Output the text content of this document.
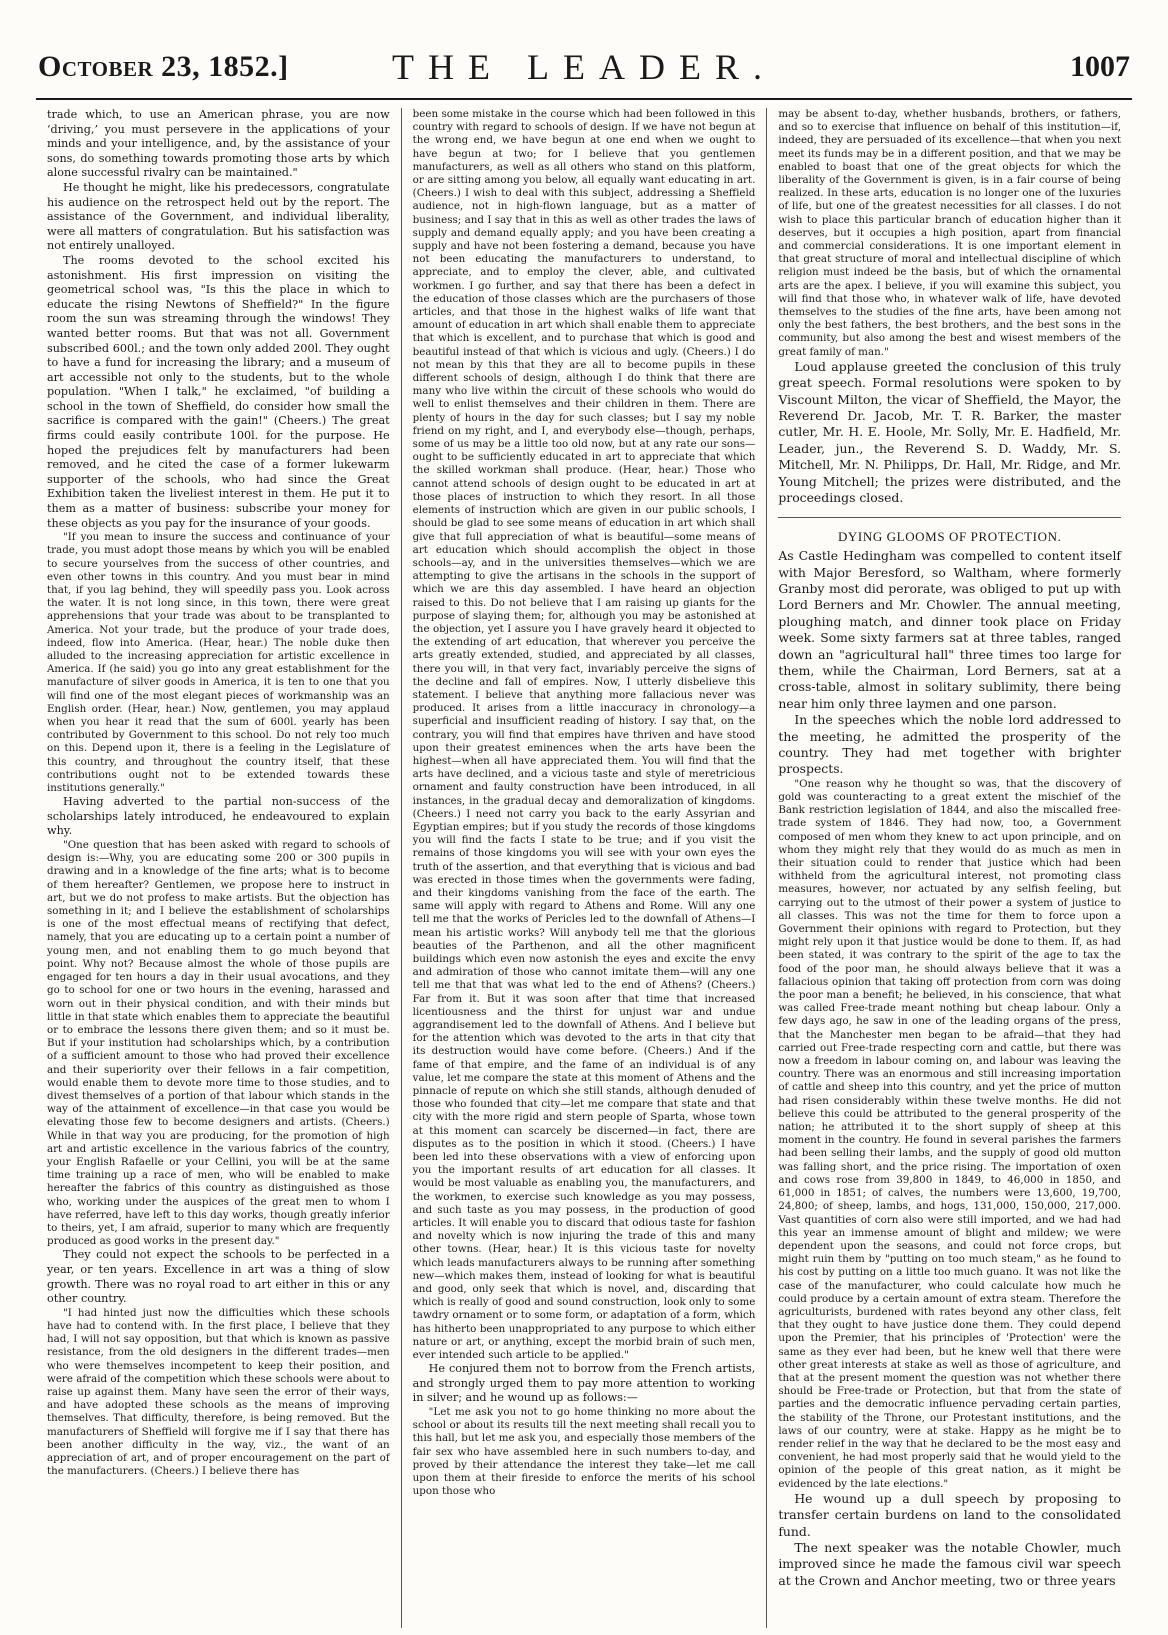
October 23, 1852.]	THE LEADER.	1007

trade which, to use an American phrase, you are now ‘driving,’ you must persevere in the applications of your minds and your intelligence, and, by the assistance of your sons, do something towards promoting those arts by which alone successful rivalry can be maintained."

He thought he might, like his predecessors, congratulate his audience on the retrospect held out by the report. The assistance of the Government, and individual liberality, were all matters of congratulation. But his satisfaction was not entirely unalloyed.

The rooms devoted to the school excited his astonishment. His first impression on visiting the geometrical school was, "Is this the place in which to educate the rising Newtons of Sheffield?" In the figure room the sun was streaming through the windows! They wanted better rooms. But that was not all. Government subscribed 600l.; and the town only added 200l. They ought to have a fund for increasing the library; and a museum of art accessible not only to the students, but to the whole population. "When I talk," he exclaimed, "of building a school in the town of Sheffield, do consider how small the sacrifice is compared with the gain!" (Cheers.) The great firms could easily contribute 100l. for the purpose. He hoped the prejudices felt by manufacturers had been removed, and he cited the case of a former lukewarm supporter of the schools, who had since the Great Exhibition taken the liveliest interest in them. He put it to them as a matter of business: subscribe your money for these objects as you pay for the insurance of your goods.

"If you mean to insure the success and continuance of your trade, you must adopt those means by which you will be enabled to secure yourselves from the success of other countries, and even other towns in this country. And you must bear in mind that, if you lag behind, they will speedily pass you. Look across the water. It is not long since, in this town, there were great apprehensions that your trade was about to be transplanted to America. Not your trade, but the produce of your trade does, indeed, flow into America. (Hear, hear.) The noble duke then alluded to the increasing appreciation for artistic excellence in America. If (he said) you go into any great establishment for the manufacture of silver goods in America, it is ten to one that you will find one of the most elegant pieces of workmanship was an English order. (Hear, hear.) Now, gentlemen, you may applaud when you hear it read that the sum of 600l. yearly has been contributed by Government to this school. Do not rely too much on this. Depend upon it, there is a feeling in the Legislature of this country, and throughout the country itself, that these contributions ought not to be extended towards these institutions generally."

Having adverted to the partial non-success of the scholarships lately introduced, he endeavoured to explain why.

"One question that has been asked with regard to schools of design is:—Why, you are educating some 200 or 300 pupils in drawing and in a knowledge of the fine arts; what is to become of them hereafter? Gentlemen, we propose here to instruct in art, but we do not profess to make artists. But the objection has something in it; and I believe the establishment of scholarships is one of the most effectual means of rectifying that defect, namely, that you are educating up to a certain point a number of young men, and not enabling them to go much beyond that point. Why not? Because almost the whole of those pupils are engaged for ten hours a day in their usual avocations, and they go to school for one or two hours in the evening, harassed and worn out in their physical condition, and with their minds but little in that state which enables them to appreciate the beautiful or to embrace the lessons there given them; and so it must be. But if your institution had scholarships which, by a contribution of a sufficient amount to those who had proved their excellence and their superiority over their fellows in a fair competition, would enable them to devote more time to those studies, and to divest themselves of a portion of that labour which stands in the way of the attainment of excellence—in that case you would be elevating those few to become designers and artists. (Cheers.) While in that way you are producing, for the promotion of high art and artistic excellence in the various fabrics of the country, your English Rafaelle or your Cellini, you will be at the same time training up a race of men, who will be enabled to make hereafter the fabrics of this country as distinguished as those who, working under the auspices of the great men to whom I have referred, have left to this day works, though greatly inferior to theirs, yet, I am afraid, superior to many which are frequently produced as good works in the present day."

They could not expect the schools to be perfected in a year, or ten years. Excellence in art was a thing of slow growth. There was no royal road to art either in this or any other country.

"I had hinted just now the difficulties which these schools have had to contend with. In the first place, I believe that they had, I will not say opposition, but that which is known as passive resistance, from the old designers in the different trades—men who were themselves incompetent to keep their position, and were afraid of the competition which these schools were about to raise up against them. Many have seen the error of their ways, and have adopted these schools as the means of improving themselves. That difficulty, therefore, is being removed. But the manufacturers of Sheffield will forgive me if I say that there has been another difficulty in the way, viz., the want of an appreciation of art, and of proper encouragement on the part of the manufacturers. (Cheers.) I believe there has

been some mistake in the course which had been followed in this country with regard to schools of design. If we have not begun at the wrong end, we have begun at one end when we ought to have begun at two; for I believe that you gentlemen manufacturers, as well as all others who stand on this platform, or are sitting among you below, all equally want educating in art. (Cheers.) I wish to deal with this subject, addressing a Sheffield audience, not in high-flown language, but as a matter of business; and I say that in this as well as other trades the laws of supply and demand equally apply; and you have been creating a supply and have not been fostering a demand, because you have not been educating the manufacturers to understand, to appreciate, and to employ the clever, able, and cultivated workmen. I go further, and say that there has been a defect in the education of those classes which are the purchasers of those articles, and that those in the highest walks of life want that amount of education in art which shall enable them to appreciate that which is excellent, and to purchase that which is good and beautiful instead of that which is vicious and ugly. (Cheers.) I do not mean by this that they are all to become pupils in these different schools of design, although I do think that there are many who live within the circuit of these schools who would do well to enlist themselves and their children in them. There are plenty of hours in the day for such classes; but I say my noble friend on my right, and I, and everybody else—though, perhaps, some of us may be a little too old now, but at any rate our sons—ought to be sufficiently educated in art to appreciate that which the skilled workman shall produce. (Hear, hear.) Those who cannot attend schools of design ought to be educated in art at those places of instruction to which they resort. In all those elements of instruction which are given in our public schools, I should be glad to see some means of education in art which shall give that full appreciation of what is beautiful—some means of art education which should accomplish the object in those schools—ay, and in the universities themselves—which we are attempting to give the artisans in the schools in the support of which we are this day assembled. I have heard an objection raised to this. Do not believe that I am raising up giants for the purpose of slaying them; for, although you may be astonished at the objection, yet I assure you I have gravely heard it objected to the extending of art education, that wherever you perceive the arts greatly extended, studied, and appreciated by all classes, there you will, in that very fact, invariably perceive the signs of the decline and fall of empires. Now, I utterly disbelieve this statement. I believe that anything more fallacious never was produced. It arises from a little inaccuracy in chronology—a superficial and insufficient reading of history. I say that, on the contrary, you will find that empires have thriven and have stood upon their greatest eminences when the arts have been the highest—when all have appreciated them. You will find that the arts have declined, and a vicious taste and style of meretricious ornament and faulty construction have been introduced, in all instances, in the gradual decay and demoralization of kingdoms. (Cheers.) I need not carry you back to the early Assyrian and Egyptian empires; but if you study the records of those kingdoms you will find the facts I state to be true; and if you visit the remains of those kingdoms you will see with your own eyes the truth of the assertion, and that everything that is vicious and bad was erected in those times when the governments were fading, and their kingdoms vanishing from the face of the earth. The same will apply with regard to Athens and Rome. Will any one tell me that the works of Pericles led to the downfall of Athens—I mean his artistic works? Will anybody tell me that the glorious beauties of the Parthenon, and all the other magnificent buildings which even now astonish the eyes and excite the envy and admiration of those who cannot imitate them—will any one tell me that that was what led to the end of Athens? (Cheers.) Far from it. But it was soon after that time that increased licentiousness and the thirst for unjust war and undue aggrandisement led to the downfall of Athens. And I believe but for the attention which was devoted to the arts in that city that its destruction would have come before. (Cheers.) And if the fame of that empire, and the fame of an individual is of any value, let me compare the state at this moment of Athens and the pinnacle of repute on which she still stands, although denuded of those who founded that city—let me compare that state and that city with the more rigid and stern people of Sparta, whose town at this moment can scarcely be discerned—in fact, there are disputes as to the position in which it stood. (Cheers.) I have been led into these observations with a view of enforcing upon you the important results of art education for all classes. It would be most valuable as enabling you, the manufacturers, and the workmen, to exercise such knowledge as you may possess, and such taste as you may possess, in the production of good articles. It will enable you to discard that odious taste for fashion and novelty which is now injuring the trade of this and many other towns. (Hear, hear.) It is this vicious taste for novelty which leads manufacturers always to be running after something new—which makes them, instead of looking for what is beautiful and good, only seek that which is novel, and, discarding that which is really of good and sound construction, look only to some tawdry ornament or to some form, or adaptation of a form, which has hitherto been unappropriated to any purpose to which either nature or art, or anything, except the morbid brain of such men, ever intended such article to be applied."

He conjured them not to borrow from the French artists, and strongly urged them to pay more attention to working in silver; and he wound up as follows:—

"Let me ask you not to go home thinking no more about the school or about its results till the next meeting shall recall you to this hall, but let me ask you, and especially those members of the fair sex who have assembled here in such numbers to-day, and proved by their attendance the interest they take—let me call upon them at their fireside to enforce the merits of his school upon those who

may be absent to-day, whether husbands, brothers, or fathers, and so to exercise that influence on behalf of this institution—if, indeed, they are persuaded of its excellence—that when you next meet its funds may be in a different position, and that we may be enabled to boast that one of the great objects for which the liberality of the Government is given, is in a fair course of being realized. In these arts, education is no longer one of the luxuries of life, but one of the greatest necessities for all classes. I do not wish to place this particular branch of education higher than it deserves, but it occupies a high position, apart from financial and commercial considerations. It is one important element in that great structure of moral and intellectual discipline of which religion must indeed be the basis, but of which the ornamental arts are the apex. I believe, if you will examine this subject, you will find that those who, in whatever walk of life, have devoted themselves to the studies of the fine arts, have been among not only the best fathers, the best brothers, and the best sons in the community, but also among the best and wisest members of the great family of man."

Loud applause greeted the conclusion of this truly great speech. Formal resolutions were spoken to by Viscount Milton, the vicar of Sheffield, the Mayor, the Reverend Dr. Jacob, Mr. T. R. Barker, the master cutler, Mr. H. E. Hoole, Mr. Solly, Mr. E. Hadfield, Mr. Leader, jun., the Reverend S. D. Waddy, Mr. S. Mitchell, Mr. N. Philipps, Dr. Hall, Mr. Ridge, and Mr. Young Mitchell; the prizes were distributed, and the proceedings closed.

DYING GLOOMS OF PROTECTION.

As Castle Hedingham was compelled to content itself with Major Beresford, so Waltham, where formerly Granby most did perorate, was obliged to put up with Lord Berners and Mr. Chowler. The annual meeting, ploughing match, and dinner took place on Friday week. Some sixty farmers sat at three tables, ranged down an "agricultural hall" three times too large for them, while the Chairman, Lord Berners, sat at a cross-table, almost in solitary sublimity, there being near him only three laymen and one parson.

In the speeches which the noble lord addressed to the meeting, he admitted the prosperity of the country. They had met together with brighter prospects.

"One reason why he thought so was, that the discovery of gold was counteracting to a great extent the mischief of the Bank restriction legislation of 1844, and also the miscalled free-trade system of 1846. They had now, too, a Government composed of men whom they knew to act upon principle, and on whom they might rely that they would do as much as men in their situation could to render that justice which had been withheld from the agricultural interest, not promoting class measures, however, nor actuated by any selfish feeling, but carrying out to the utmost of their power a system of justice to all classes. This was not the time for them to force upon a Government their opinions with regard to Protection, but they might rely upon it that justice would be done to them. If, as had been stated, it was contrary to the spirit of the age to tax the food of the poor man, he should always believe that it was a fallacious opinion that taking off protection from corn was doing the poor man a benefit; he believed, in his conscience, that what was called Free-trade meant nothing but cheap labour. Only a few days ago, he saw in one of the leading organs of the press, that the Manchester men began to be afraid—that they had carried out Free-trade respecting corn and cattle, but there was now a freedom in labour coming on, and labour was leaving the country. There was an enormous and still increasing importation of cattle and sheep into this country, and yet the price of mutton had risen considerably within these twelve months. He did not believe this could be attributed to the general prosperity of the nation; he attributed it to the short supply of sheep at this moment in the country. He found in several parishes the farmers had been selling their lambs, and the supply of good old mutton was falling short, and the price rising. The importation of oxen and cows rose from 39,800 in 1849, to 46,000 in 1850, and 61,000 in 1851; of calves, the numbers were 13,600, 19,700, 24,800; of sheep, lambs, and hogs, 131,000, 150,000, 217,000. Vast quantities of corn also were still imported, and we had had this year an immense amount of blight and mildew; we were dependent upon the seasons, and could not force crops, but might ruin them by "putting on too much steam," as he found to his cost by putting on a little too much guano. It was not like the case of the manufacturer, who could calculate how much he could produce by a certain amount of extra steam. Therefore the agriculturists, burdened with rates beyond any other class, felt that they ought to have justice done them. They could depend upon the Premier, that his principles of 'Protection' were the same as they ever had been, but he knew well that there were other great interests at stake as well as those of agriculture, and that at the present moment the question was not whether there should be Free-trade or Protection, but that from the state of parties and the democratic influence pervading certain parties, the stability of the Throne, our Protestant institutions, and the laws of our country, were at stake. Happy as he might be to render relief in the way that he declared to be the most easy and convenient, he had most properly said that he would yield to the opinion of the people of this great nation, as it might be evidenced by the late elections."

He wound up a dull speech by proposing to transfer certain burdens on land to the consolidated fund.

The next speaker was the notable Chowler, much improved since he made the famous civil war speech at the Crown and Anchor meeting, two or three years
